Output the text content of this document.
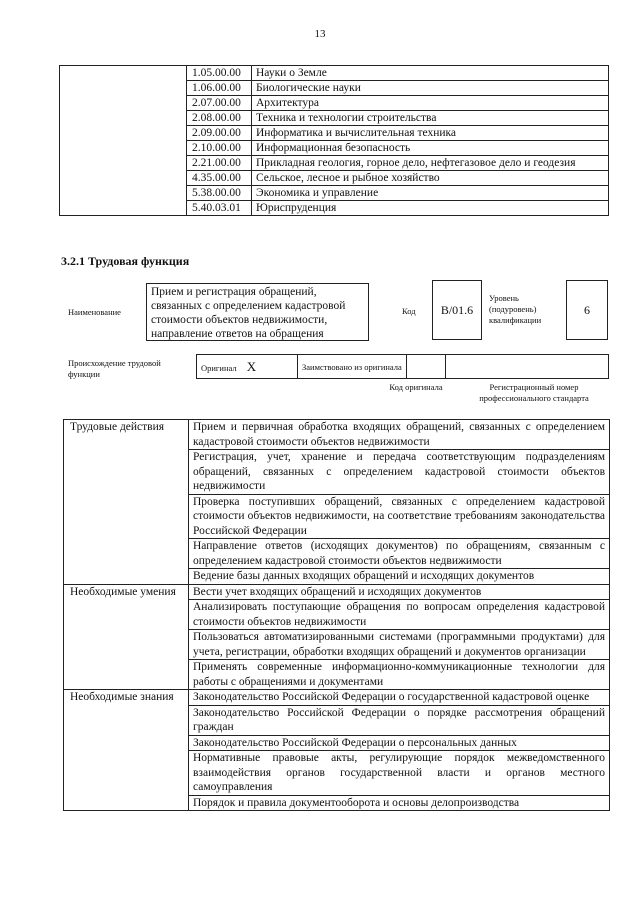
13
	1.05.00.00	Науки о Земле
	1.06.00.00	Биологические науки
	2.07.00.00	Архитектура
	2.08.00.00	Техника и технологии строительства
	2.09.00.00	Информатика и вычислительная техника
	2.10.00.00	Информационная безопасность
	2.21.00.00	Прикладная геология, горное дело, нефтегазовое дело и геодезия
	4.35.00.00	Сельское, лесное и рыбное хозяйство
	5.38.00.00	Экономика и управление
	5.40.03.01	Юриспруденция
3.2.1 Трудовая функция
Наименование
Прием и регистрация обращений, связанных с определением кадастровой стоимости объектов недвижимости, направление ответов на обращения
Код В/01.6
Уровень (подуровень) квалификации
6
Происхождение трудовой функции
Оригинал X	Заимствовано из оригинала		
Код оригинала	Регистрационный номер профессионального стандарта
Трудовые действия	Прием и первичная обработка входящих обращений, связанных с определением кадастровой стоимости объектов недвижимости
	Регистрация, учет, хранение и передача соответствующим подразделениям обращений, связанных с определением кадастровой стоимости объектов недвижимости
	Проверка поступивших обращений, связанных с определением кадастровой стоимости объектов недвижимости, на соответствие требованиям законодательства Российской Федерации
	Направление ответов (исходящих документов) по обращениям, связанным с определением кадастровой стоимости объектов недвижимости
	Ведение базы данных входящих обращений и исходящих документов
Необходимые умения	Вести учет входящих обращений и исходящих документов
	Анализировать поступающие обращения по вопросам определения кадастровой стоимости объектов недвижимости
	Пользоваться автоматизированными системами (программными продуктами) для учета, регистрации, обработки входящих обращений и документов организации
	Применять современные информационно-коммуникационные технологии для работы с обращениями и документами
Необходимые знания	Законодательство Российской Федерации о государственной кадастровой оценке
	Законодательство Российской Федерации о порядке рассмотрения обращений граждан
	Законодательство Российской Федерации о персональных данных
	Нормативные правовые акты, регулирующие порядок межведомственного взаимодействия органов государственной власти и органов местного самоуправления
	Порядок и правила документооборота и основы делопроизводства
